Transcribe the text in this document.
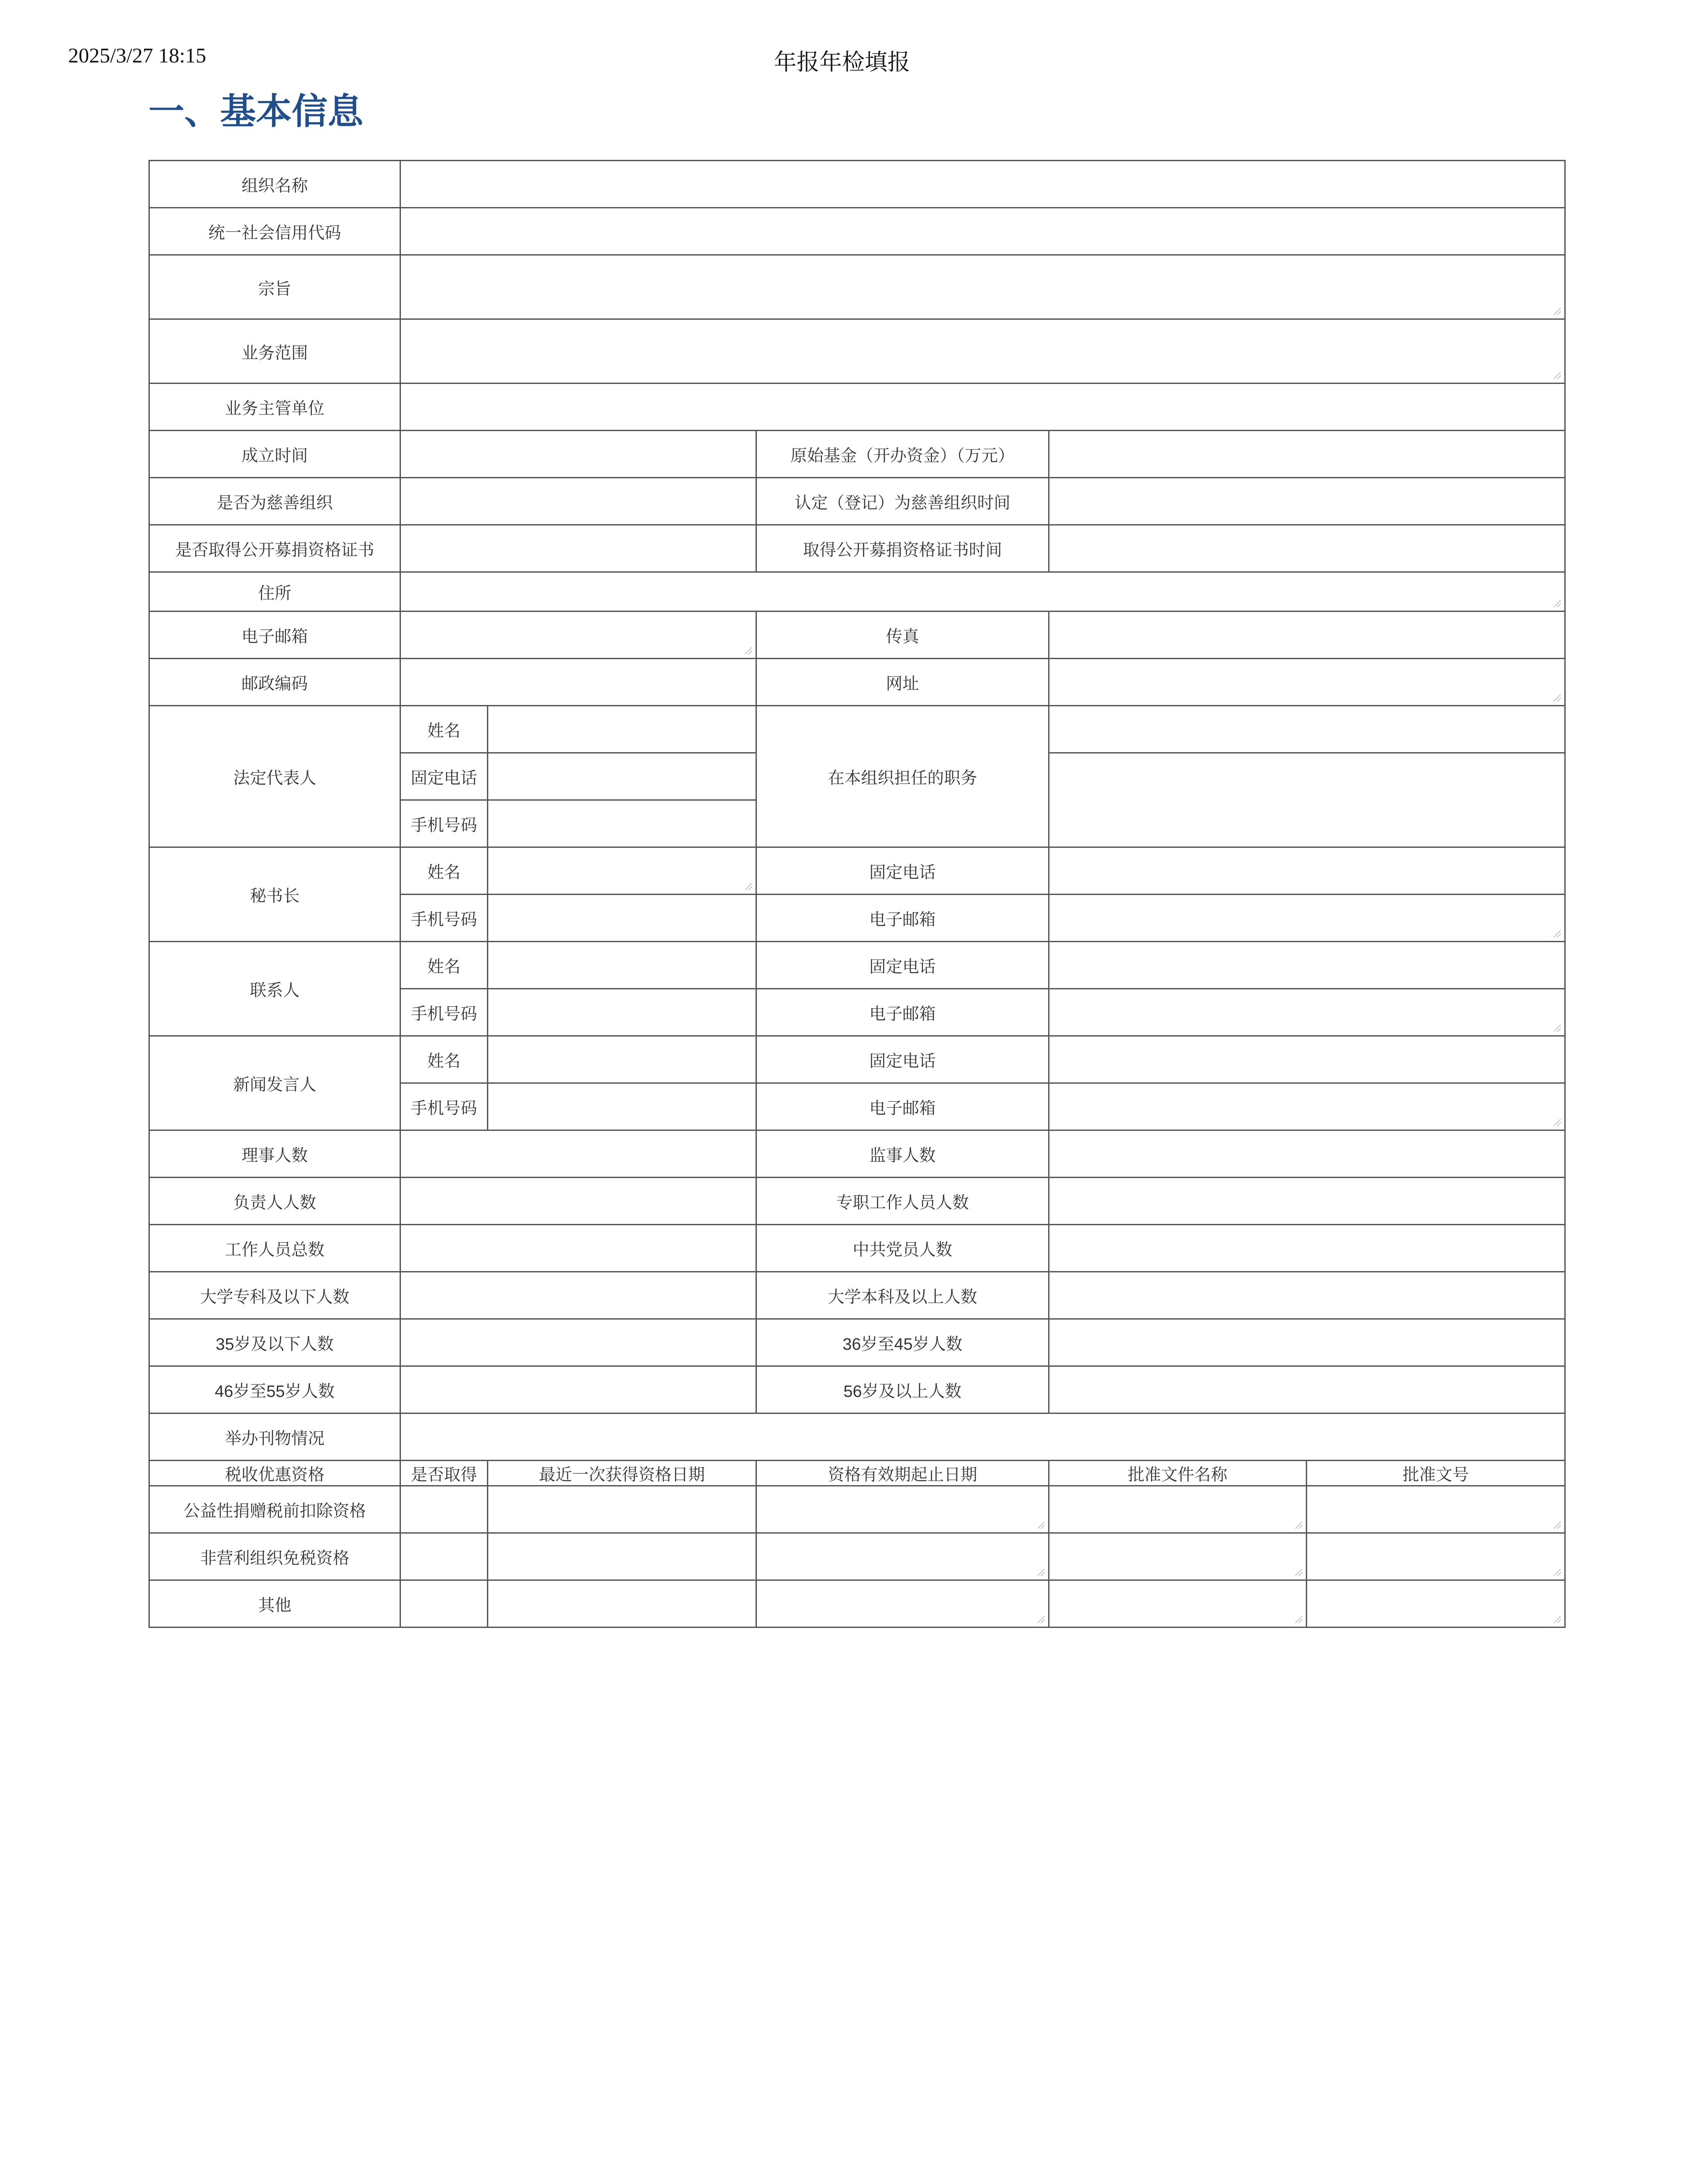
2025/3/27 18:15	年报年检填报
一、基本信息
组织名称					
统一社会信用代码					
宗旨					
业务范围					
业务主管单位					
成立时间			原始基金（开办资金）（万元）		
是否为慈善组织			认定（登记）为慈善组织时间		
是否取得公开募捐资格证书			取得公开募捐资格证书时间		
住所					
电子邮箱			传真		
邮政编码			网址		
法定代表人	姓名		在本组织担任的职务		
	固定电话				
	手机号码				
秘书长	姓名		固定电话		
	手机号码		电子邮箱		
联系人	姓名		固定电话		
	手机号码		电子邮箱		
新闻发言人	姓名		固定电话		
	手机号码		电子邮箱		
理事人数			监事人数		
负责人人数			专职工作人员人数		
工作人员总数			中共党员人数		
大学专科及以下人数			大学本科及以上人数		
35岁及以下人数			36岁至45岁人数		
46岁至55岁人数			56岁及以上人数		
举办刊物情况					
税收优惠资格	是否取得	最近一次获得资格日期	资格有效期起止日期	批准文件名称	批准文号
公益性捐赠税前扣除资格					
非营利组织免税资格					
其他					
